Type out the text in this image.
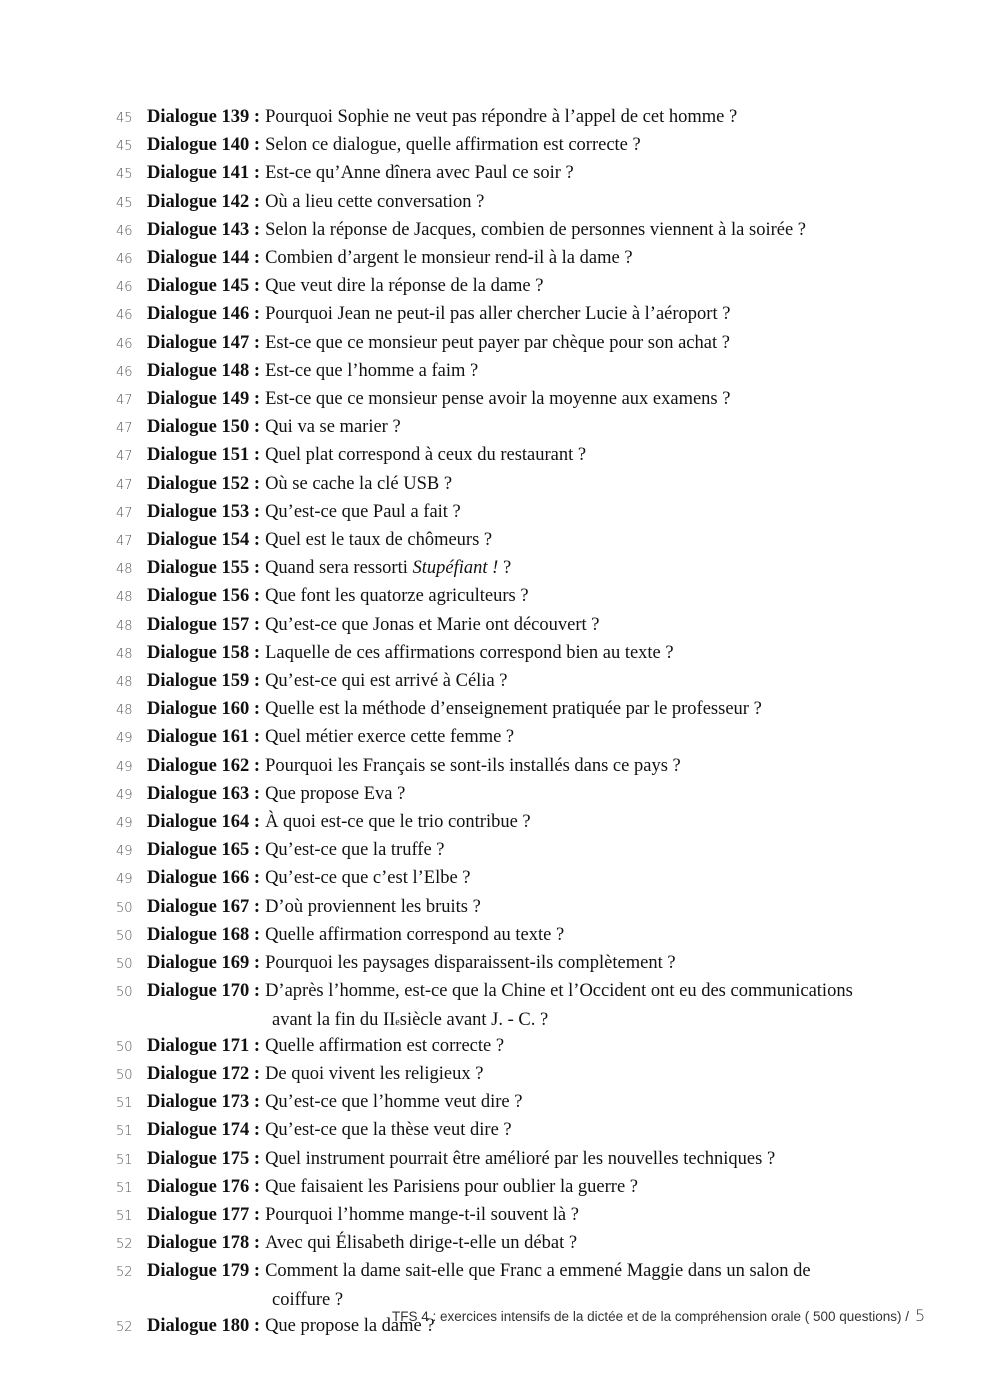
45 Dialogue 139 : Pourquoi Sophie ne veut pas répondre à l’appel de cet homme ?
45 Dialogue 140 : Selon ce dialogue, quelle affirmation est correcte ?
45 Dialogue 141 : Est-ce qu’Anne dînera avec Paul ce soir ?
45 Dialogue 142 : Où a lieu cette conversation ?
46 Dialogue 143 : Selon la réponse de Jacques, combien de personnes viennent à la soirée ?
46 Dialogue 144 : Combien d’argent le monsieur rend-il à la dame ?
46 Dialogue 145 : Que veut dire la réponse de la dame ?
46 Dialogue 146 : Pourquoi Jean ne peut-il pas aller chercher Lucie à l’aéroport ?
46 Dialogue 147 : Est-ce que ce monsieur peut payer par chèque pour son achat ?
46 Dialogue 148 : Est-ce que l’homme a faim ?
47 Dialogue 149 : Est-ce que ce monsieur pense avoir la moyenne aux examens ?
47 Dialogue 150 : Qui va se marier ?
47 Dialogue 151 : Quel plat correspond à ceux du restaurant ?
47 Dialogue 152 : Où se cache la clé USB ?
47 Dialogue 153 : Qu’est-ce que Paul a fait ?
47 Dialogue 154 : Quel est le taux de chômeurs ?
48 Dialogue 155 : Quand sera ressorti Stupéfiant ! ?
48 Dialogue 156 : Que font les quatorze agriculteurs ?
48 Dialogue 157 : Qu’est-ce que Jonas et Marie ont découvert ?
48 Dialogue 158 : Laquelle de ces affirmations correspond bien au texte ?
48 Dialogue 159 : Qu’est-ce qui est arrivé à Célia ?
48 Dialogue 160 : Quelle est la méthode d’enseignement pratiquée par le professeur ?
49 Dialogue 161 : Quel métier exerce cette femme ?
49 Dialogue 162 : Pourquoi les Français se sont-ils installés dans ce pays ?
49 Dialogue 163 : Que propose Eva ?
49 Dialogue 164 : À quoi est-ce que le trio contribue ?
49 Dialogue 165 : Qu’est-ce que la truffe ?
49 Dialogue 166 : Qu’est-ce que c’est l’Elbe ?
50 Dialogue 167 : D’où proviennent les bruits ?
50 Dialogue 168 : Quelle affirmation correspond au texte ?
50 Dialogue 169 : Pourquoi les paysages disparaissent-ils complètement ?
50 Dialogue 170 : D’après l’homme, est-ce que la Chine et l’Occident ont eu des communications
avant la fin du II e siècle avant J. - C. ?
50 Dialogue 171 : Quelle affirmation est correcte ?
50 Dialogue 172 : De quoi vivent les religieux ?
51 Dialogue 173 : Qu’est-ce que l’homme veut dire ?
51 Dialogue 174 : Qu’est-ce que la thèse veut dire ?
51 Dialogue 175 : Quel instrument pourrait être amélioré par les nouvelles techniques ?
51 Dialogue 176 : Que faisaient les Parisiens pour oublier la guerre ?
51 Dialogue 177 : Pourquoi l’homme mange-t-il souvent là ?
52 Dialogue 178 : Avec qui Élisabeth dirige-t-elle un débat ?
52 Dialogue 179 : Comment la dame sait-elle que Franc a emmené Maggie dans un salon de
coiffure ?
52 Dialogue 180 : Que propose la dame ?
TFS 4 : exercices intensifs de la dictée et de la compréhension orale ( 500 questions) / 5
